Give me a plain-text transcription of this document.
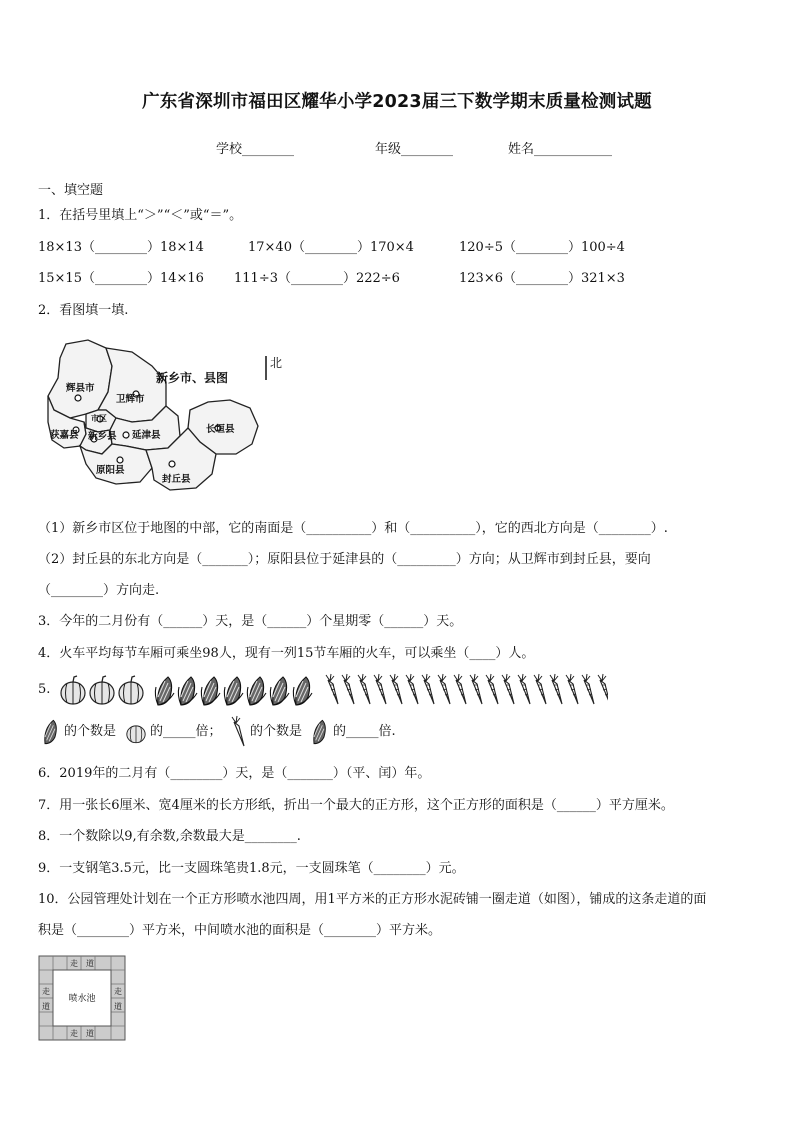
广东省深圳市福田区耀华小学2023届三下数学期末质量检测试题
学校________	年级________	姓名____________
一、填空题
1．在括号里填上“＞”“＜”或“＝”。
18×13（________）18×14	17×40（________）170×4	120÷5（________）100÷4
15×15（________）14×16 111÷3（________）222÷6	123×6（________）321×3
2．看图填一填.
辉县市
卫辉市
市区
获嘉县 新乡县 延津县
长垣县
原阳县
封丘县
新乡市、县图
北
（1）新乡市区位于地图的中部，它的南面是（__________）和（__________），它的西北方向是（________）.
（2）封丘县的东北方向是（_______）；原阳县位于延津县的（_________）方向；从卫辉市到封丘县，要向
（________）方向走.
3．今年的二月份有（______）天，是（______）个星期零（______）天。
4．火车平均每节车厢可乘坐98人，现有一列15节车厢的火车，可以乘坐（____）人。
5.
的个数是	的_____倍； 的个数是 的_____倍.
6．2019年的二月有（________）天，是（_______）（平、闰）年。
7．用一张长6厘米、宽4厘米的长方形纸，折出一个最大的正方形，这个正方形的面积是（______）平方厘米。
8．一个数除以9,有余数,余数最大是________.
9．一支钢笔3.5元，比一支圆珠笔贵1.8元，一支圆珠笔（________）元。
10．公园管理处计划在一个正方形喷水池四周，用1平方米的正方形水泥砖铺一圈走道（如图），铺成的这条走道的面
积是（________）平方米，中间喷水池的面积是（________）平方米。
喷水池
走 道
走 道
走
道
走
道
